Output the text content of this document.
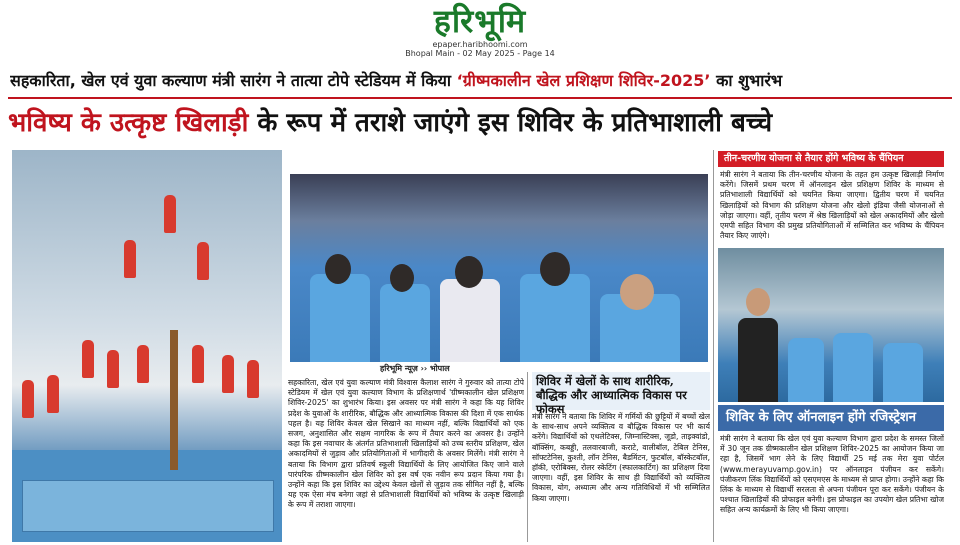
हरिभूमि
epaper.haribhoomi.com
Bhopal Main - 02 May 2025 - Page 14
सहकारिता, खेल एवं युवा कल्याण मंत्री सारंग ने तात्या टोपे स्टेडियम में किया ‘ग्रीष्मकालीन खेल प्रशिक्षण शिविर-2025’ का शुभारंभ
भविष्य के उत्कृष्ट खिलाड़ी के रूप में तराशे जाएंगे इस शिविर के प्रतिभाशाली बच्चे
हरिभूमि न्यूज़ ›› भोपाल
सहकारिता, खेल एवं युवा कल्याण मंत्री विश्वास कैलाश सारंग ने गुरुवार को तात्या टोपे स्टेडियम में खेल एवं युवा कल्याण विभाग के प्रशिक्षणार्थ 'ग्रीष्मकालीन खेल प्रशिक्षण शिविर-2025' का शुभारंभ किया। इस अवसर पर मंत्री सारंग ने कहा कि यह शिविर प्रदेश के युवाओं के शारीरिक, बौद्धिक और आध्यात्मिक विकास की दिशा में एक सार्थक पहल है। यह शिविर केवल खेल सिखाने का माध्यम नहीं, बल्कि विद्यार्थियों को एक सजग, अनुशासित और सक्षम नागरिक के रूप में तैयार करने का अवसर है। उन्होंने कहा कि इस नवाचार के अंतर्गत प्रतिभाशाली खिलाड़ियों को उच्च स्तरीय प्रशिक्षण, खेल अकादमियों से जुड़ाव और प्रतियोगिताओं में भागीदारी के अवसर मिलेंगे। मंत्री सारंग ने बताया कि विभाग द्वारा प्रतिवर्ष स्कूली विद्यार्थियों के लिए आयोजित किए जाने वाले पारंपरिक ग्रीष्मकालीन खेल शिविर को इस वर्ष एक नवीन रूप प्रदान किया गया है। उन्होंने कहा कि इस शिविर का उद्देश्य केवल खेलों से जुड़ाव तक सीमित नहीं है, बल्कि यह एक ऐसा मंच बनेगा जहां से प्रतिभाशाली विद्यार्थियों को भविष्य के उत्कृष्ट खिलाड़ी के रूप में तराशा जाएगा।
शिविर में खेलों के साथ शारीरिक, बौद्धिक और आध्यात्मिक विकास पर फोकस
मंत्री सारंग ने बताया कि शिविर में गर्मियों की छुट्टियों में बच्चों खेल के साथ-साथ अपने व्यक्तित्व व बौद्धिक विकास पर भी कार्य करेंगे। विद्यार्थियों को एथलेटिक्स, जिम्नास्टिक्स, जूडो, ताइक्वांडो, बॉक्सिंग, कबड्डी, तलवारबाजी, कराटे, वालीबॉल, टेबिल टेनिस, सॉफ्टटेनिस, कुश्ती, लॉन टेनिस, बैडमिंटन, फुटबॉल, बॉस्केटबॉल, हॉकी, एरोबिक्स, रोलर स्केटिंग (स्फालकार्टिग) का प्रशिक्षण दिया जाएगा। वहीं, इस शिविर के साथ ही विद्यार्थियों को व्यक्तित्व विकास, योग, अध्यात्म और अन्य गतिविधियों में भी सम्मिलित किया जाएगा।
तीन-चरणीय योजना से तैयार होंगे भविष्य के चैंपियन
मंत्री सारंग ने बताया कि तीन-चरणीय योजना के तहत हम उत्कृष्ट खिलाड़ी निर्माण करेंगे। जिसमें प्रथम चरण में ऑनलाइन खेल प्रशिक्षण शिविर के माध्यम से प्रतिभाशाली विद्यार्थियों को चयनित किया जाएगा। द्वितीय चरण में चयनित खिलाड़ियों को विभाग की प्रशिक्षण योजना और खेलो इंडिया जैसी योजनाओं से जोड़ा जाएगा। वहीं, तृतीय चरण में श्रेष्ठ खिलाड़ियों को खेल अकादमियों और खेलो एमपी सहित विभाग की प्रमुख प्रतियोगिताओं में सम्मिलित कर भविष्य के चैंपियन तैयार किए जाएंगे।
शिविर के लिए ऑनलाइन होंगे रजिस्ट्रेशन
मंत्री सारंग ने बताया कि खेल एवं युवा कल्याण विभाग द्वारा प्रदेश के समस्त जिलों में 30 जून तक ग्रीष्मकालीन खेल प्रशिक्षण शिविर-2025 का आयोजन किया जा रहा है, जिसमें भाग लेने के लिए विद्यार्थी 25 मई तक मेरा युवा पोर्टल (www.merayuvamp.gov.in) पर ऑनलाइन पंजीयन कर सकेंगे। पंजीकरण लिंक विद्यार्थियों को एसएमएस के माध्यम से प्राप्त होगा। उन्होंने कहा कि लिंक के माध्यम से विद्यार्थी सरलता से अपना पंजीयन पूरा कर सकेंगे। पंजीयन के पश्चात खिलाड़ियों की प्रोफाइल बनेगी। इस प्रोफाइल का उपयोग खेल प्रतिभा खोज सहित अन्य कार्यक्रमों के लिए भी किया जाएगा।
